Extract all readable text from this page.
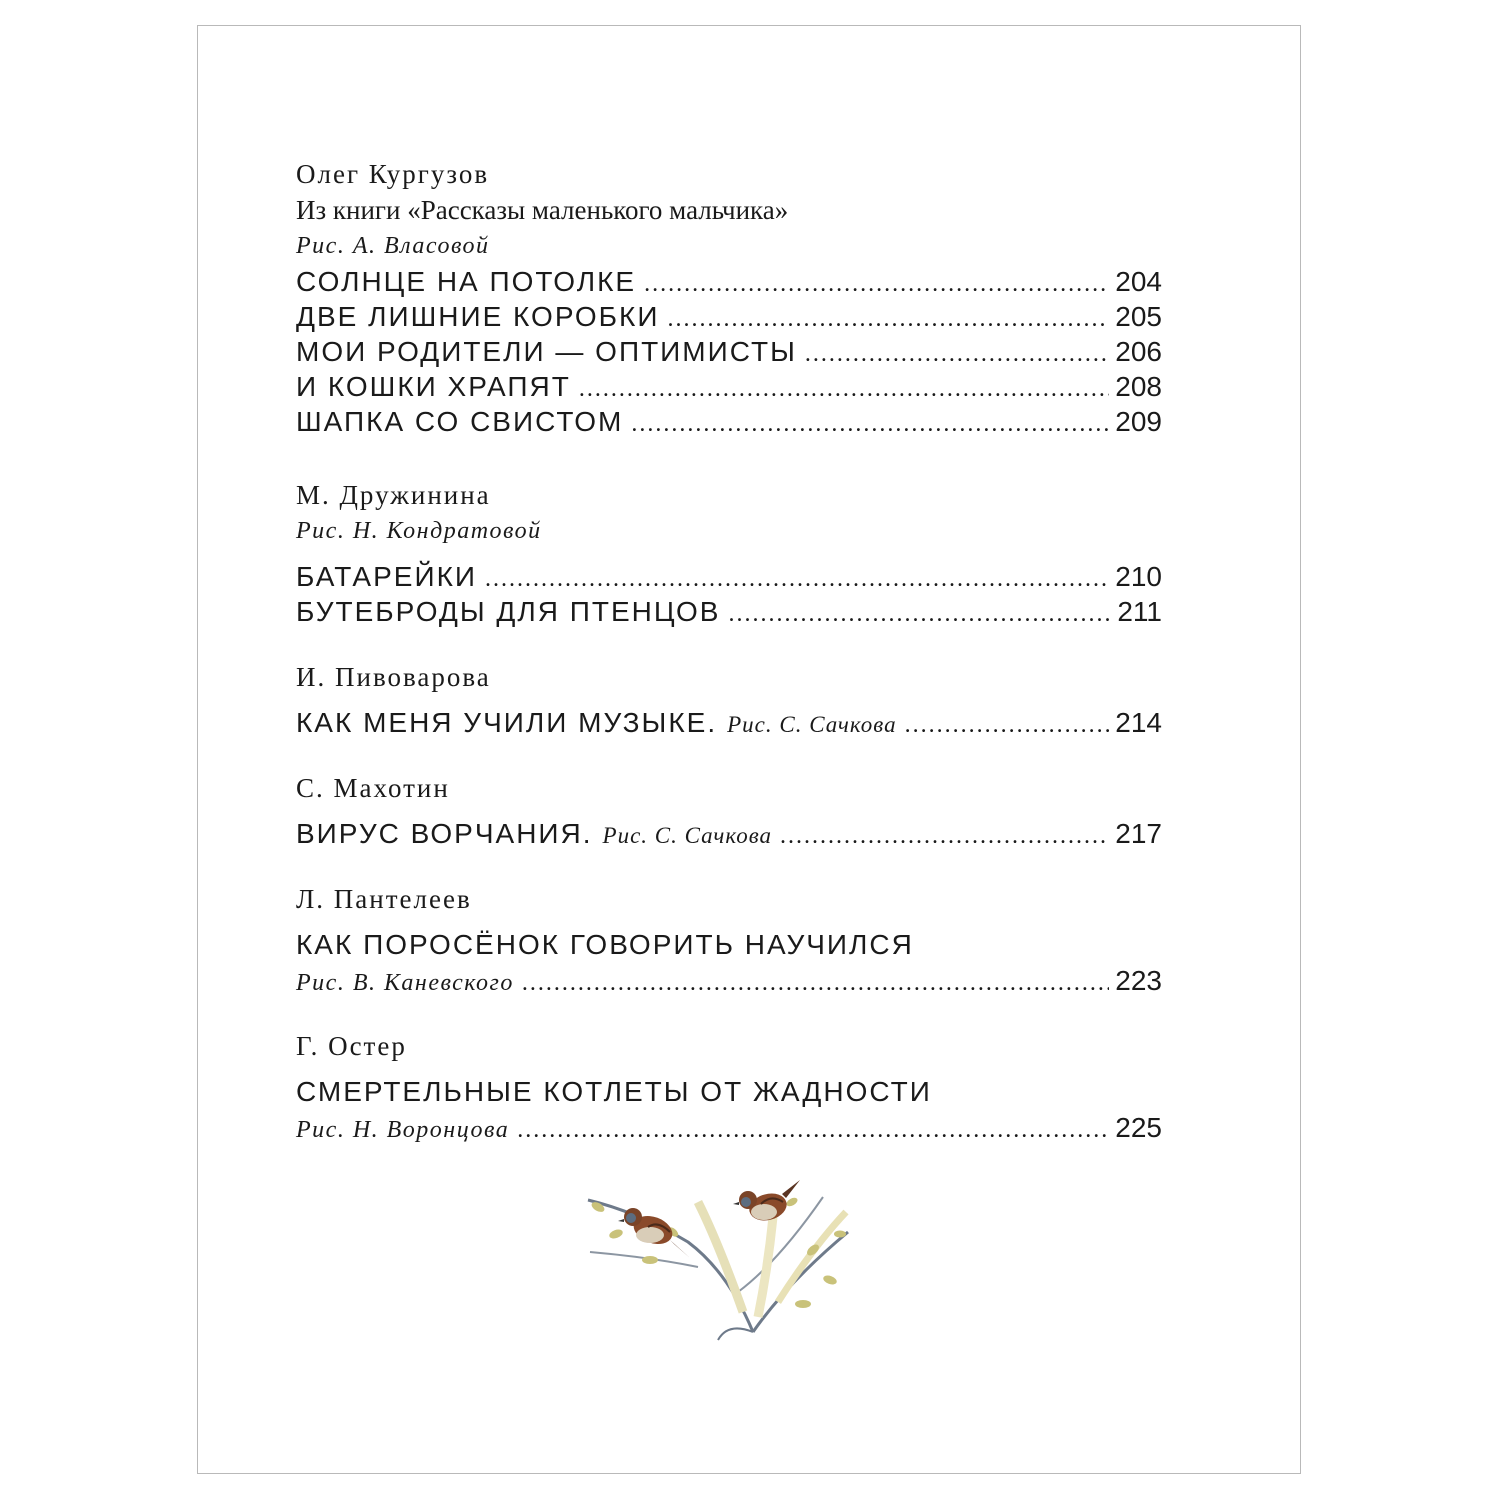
Олег Кургузов
Из книги «Рассказы маленького мальчика»
Рис. А. Власовой
СОЛНЦЕ НА ПОТОЛКЕ .....	204
ДВЕ ЛИШНИЕ КОРОБКИ .....	205
МОИ РОДИТЕЛИ — ОПТИМИСТЫ .....	206
И КОШКИ ХРАПЯТ .....	208
ШАПКА СО СВИСТОМ .....	209
М. Дружинина
Рис. Н. Кондратовой
БАТАРЕЙКИ .....	210
БУТЕБРОДЫ ДЛЯ ПТЕНЦОВ .....	211
И. Пивоварова
КАК МЕНЯ УЧИЛИ МУЗЫКЕ. Рис. С. Сачкова .....	214
С. Махотин
ВИРУС ВОРЧАНИЯ. Рис. С. Сачкова .....	217
Л. Пантелеев
КАК ПОРОСЁНОК ГОВОРИТЬ НАУЧИЛСЯ
Рис. В. Каневского .....	223
Г. Остер
СМЕРТЕЛЬНЫЕ КОТЛЕТЫ ОТ ЖАДНОСТИ
Рис. Н. Воронцова .....	225
